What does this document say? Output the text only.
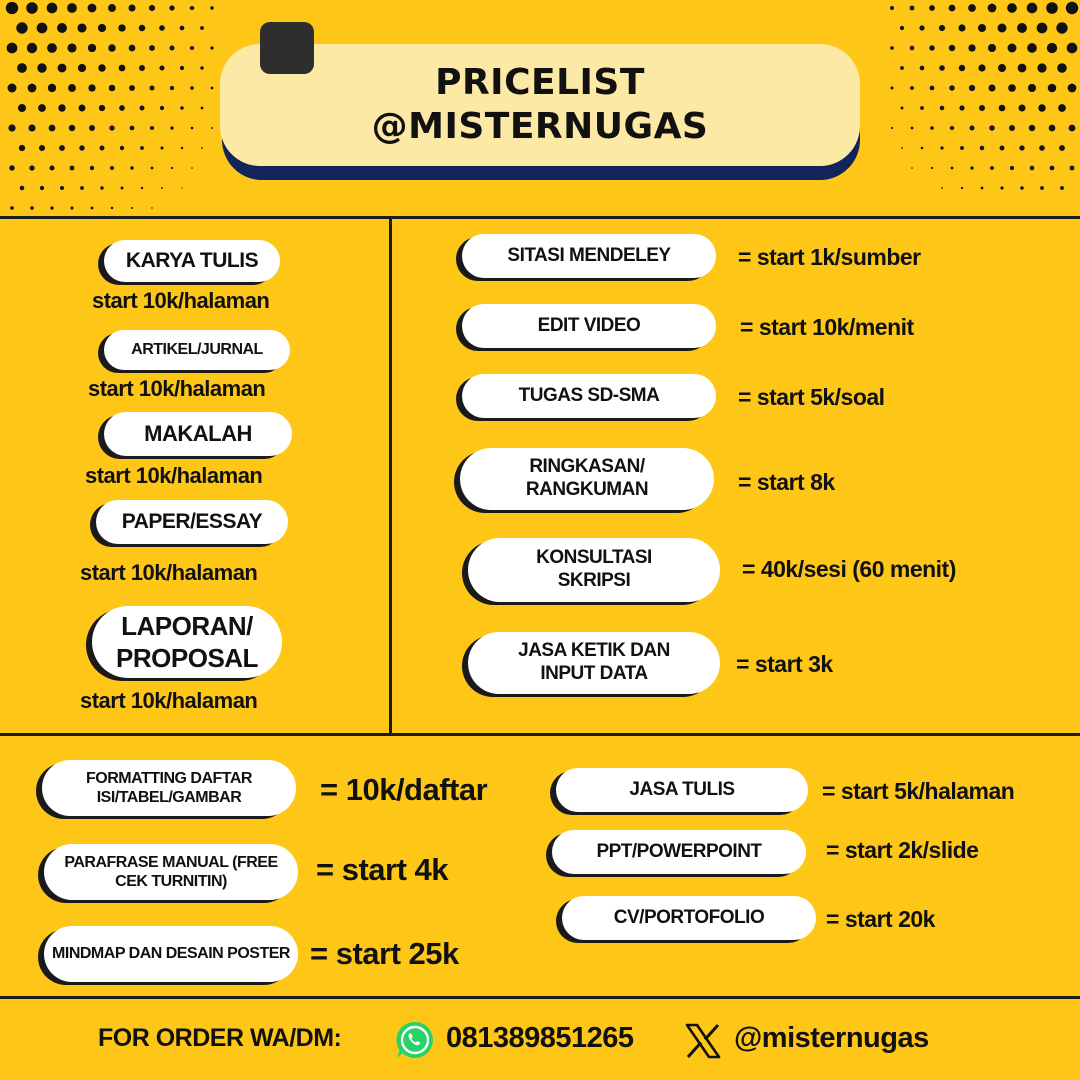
PRICELIST
@MISTERNUGAS
KARYA TULIS
start 10k/halaman
ARTIKEL/JURNAL
start 10k/halaman
MAKALAH
start 10k/halaman
PAPER/ESSAY
start 10k/halaman
LAPORAN/ PROPOSAL
start 10k/halaman
SITASI MENDELEY	= start 1k/sumber
EDIT VIDEO	= start 10k/menit
TUGAS SD-SMA	= start 5k/soal
RINGKASAN/ RANGKUMAN	= start 8k
KONSULTASI SKRIPSI	= 40k/sesi (60 menit)
JASA KETIK DAN INPUT DATA	= start 3k
FORMATTING DAFTAR ISI/TABEL/GAMBAR	= 10k/daftar
PARAFRASE MANUAL (FREE CEK TURNITIN)	= start 4k
MINDMAP DAN DESAIN POSTER = start 25k
JASA TULIS	= start 5k/halaman
PPT/POWERPOINT	= start 2k/slide
CV/PORTOFOLIO	= start 20k
FOR ORDER WA/DM:	081389851265	@misternugas
